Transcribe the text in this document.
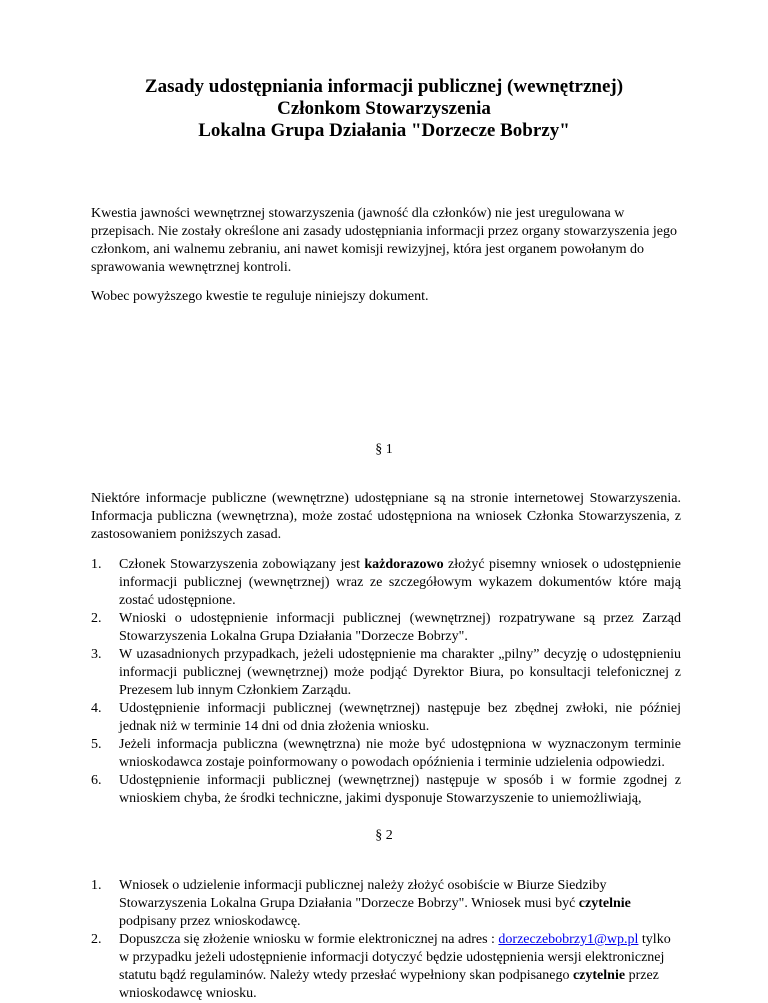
Zasady udostępniania informacji publicznej (wewnętrznej)
Członkom Stowarzyszenia
Lokalna Grupa Działania "Dorzecze Bobrzy"
Kwestia jawności wewnętrznej stowarzyszenia (jawność dla członków) nie jest uregulowana w przepisach. Nie zostały określone ani zasady udostępniania informacji przez organy stowarzyszenia jego członkom, ani walnemu zebraniu, ani nawet komisji rewizyjnej, która jest organem powołanym do sprawowania wewnętrznej kontroli.
Wobec powyższego kwestie te reguluje niniejszy dokument.
§ 1
Niektóre informacje publiczne (wewnętrzne) udostępniane są na stronie internetowej Stowarzyszenia. Informacja publiczna (wewnętrzna), może zostać udostępniona na wniosek Członka Stowarzyszenia, z zastosowaniem poniższych zasad.
1.	Członek Stowarzyszenia zobowiązany jest każdorazowo złożyć pisemny wniosek o udostępnienie informacji publicznej (wewnętrznej) wraz ze szczegółowym wykazem dokumentów które mają zostać udostępnione.
2.	Wnioski o udostępnienie informacji publicznej (wewnętrznej) rozpatrywane są przez Zarząd Stowarzyszenia Lokalna Grupa Działania "Dorzecze Bobrzy".
3.	W uzasadnionych przypadkach, jeżeli udostępnienie ma charakter „pilny” decyzję o udostępnieniu informacji publicznej (wewnętrznej) może podjąć Dyrektor Biura, po konsultacji telefonicznej z Prezesem lub innym Członkiem Zarządu.
4.	Udostępnienie informacji publicznej (wewnętrznej) następuje bez zbędnej zwłoki, nie później jednak niż w terminie 14 dni od dnia złożenia wniosku.
5.	Jeżeli informacja publiczna (wewnętrzna) nie może być udostępniona w wyznaczonym terminie wnioskodawca zostaje poinformowany o powodach opóźnienia i terminie udzielenia odpowiedzi.
6.	Udostępnienie informacji publicznej (wewnętrznej) następuje w sposób i w formie zgodnej z wnioskiem chyba, że środki techniczne, jakimi dysponuje Stowarzyszenie to uniemożliwiają,
§ 2
1.	Wniosek o udzielenie informacji publicznej należy złożyć osobiście w Biurze Siedziby Stowarzyszenia Lokalna Grupa Działania "Dorzecze Bobrzy". Wniosek musi być czytelnie podpisany przez wnioskodawcę.
2.	Dopuszcza się złożenie wniosku w formie elektronicznej na adres : dorzeczebobrzy1@wp.pl tylko w przypadku jeżeli udostępnienie informacji dotyczyć będzie udostępnienia wersji elektronicznej statutu bądź regulaminów. Należy wtedy przesłać wypełniony skan podpisanego czytelnie przez wnioskodawcę wniosku.
